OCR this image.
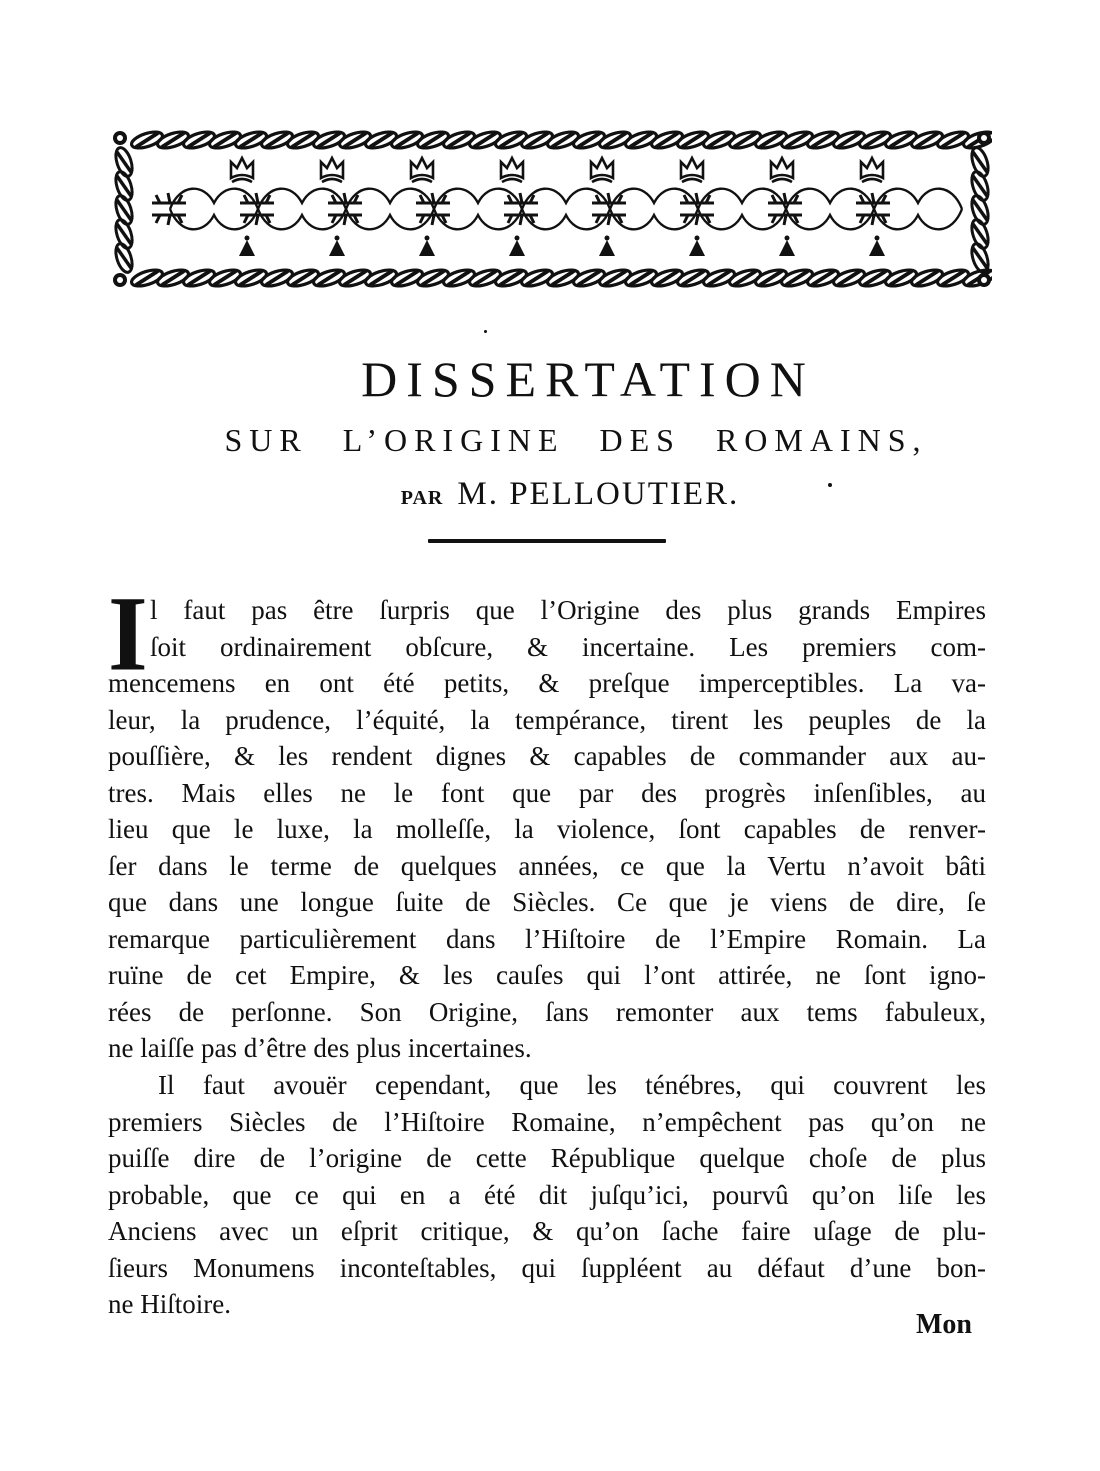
DISSERTATION
SUR L’ORIGINE DES ROMAINS,
PAR M. PELLOUTIER.
I l faut pas être ſurpris que l’Origine des plus grands Empires
ſoit ordinairement obſcure, & incertaine. Les premiers com-
mencemens en ont été petits, & preſque imperceptibles. La va-
leur, la prudence, l’équité, la tempérance, tirent les peuples de la
pouſſière, & les rendent dignes & capables de commander aux au-
tres. Mais elles ne le font que par des progrès inſenſibles, au
lieu que le luxe, la molleſſe, la violence, ſont capables de renver-
ſer dans le terme de quelques années, ce que la Vertu n’avoit bâti
que dans une longue ſuite de Siècles. Ce que je viens de dire, ſe
remarque particulièrement dans l’Hiſtoire de l’Empire Romain. La
ruïne de cet Empire, & les cauſes qui l’ont attirée, ne ſont igno-
rées de perſonne. Son Origine, ſans remonter aux tems fabuleux,
ne laiſſe pas d’être des plus incertaines.
Il faut avouër cependant, que les ténébres, qui couvrent les
premiers Siècles de l’Hiſtoire Romaine, n’empêchent pas qu’on ne
puiſſe dire de l’origine de cette République quelque choſe de plus
probable, que ce qui en a été dit juſqu’ici, pourvû qu’on liſe les
Anciens avec un eſprit critique, & qu’on ſache faire uſage de plu-
ſieurs Monumens inconteſtables, qui ſuppléent au défaut d’une bon-
ne Hiſtoire.
Mon
